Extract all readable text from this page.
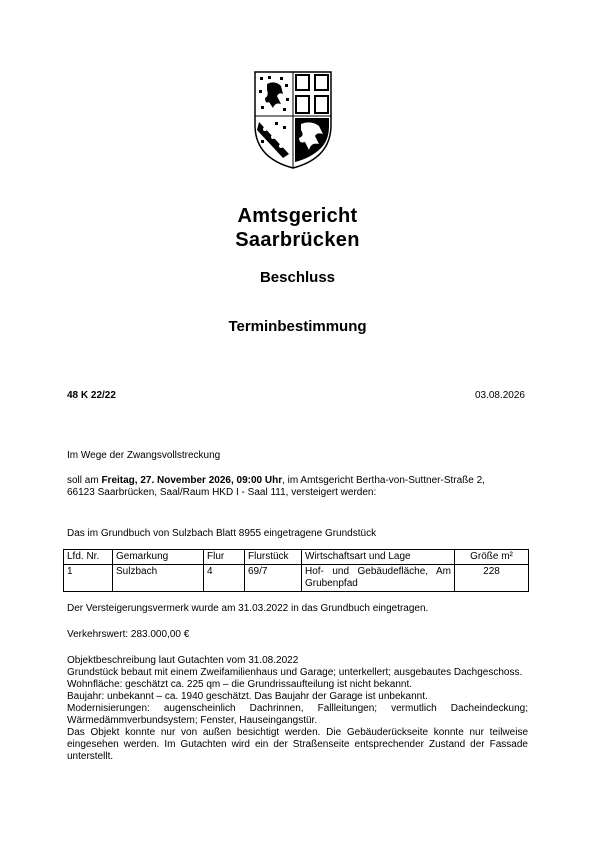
Amtsgericht
Saarbrücken
Beschluss
Terminbestimmung
48 K 22/22	03.08.2026
Im Wege der Zwangsvollstreckung
soll am Freitag, 27. November 2026, 09:00 Uhr, im Amtsgericht Bertha-von-Suttner-Straße 2,
66123 Saarbrücken, Saal/Raum HKD I - Saal 111, versteigert werden:
Das im Grundbuch von Sulzbach Blatt 8955 eingetragene Grundstück
Lfd. Nr.	Gemarkung	Flur	Flurstück	Wirtschaftsart und Lage	Größe m²
1	Sulzbach	4	69/7	Hof- und Gebäudefläche, Am Grubenpfad	228
Der Versteigerungsvermerk wurde am 31.03.2022 in das Grundbuch eingetragen.
Verkehrswert: 283.000,00 €
Objektbeschreibung laut Gutachten vom 31.08.2022
Grundstück bebaut mit einem Zweifamilienhaus und Garage; unterkellert; ausgebautes Dachgeschoss.
Wohnfläche: geschätzt ca. 225 qm – die Grundrissaufteilung ist nicht bekannt.
Baujahr: unbekannt – ca. 1940 geschätzt. Das Baujahr der Garage ist unbekannt.
Modernisierungen: augenscheinlich Dachrinnen, Fallleitungen; vermutlich Dacheindeckung; Wärmedämmverbundsystem; Fenster, Hauseingangstür.
Das Objekt konnte nur von außen besichtigt werden. Die Gebäuderückseite konnte nur teilweise eingesehen werden. Im Gutachten wird ein der Straßenseite entsprechender Zustand der Fassade unterstellt.
